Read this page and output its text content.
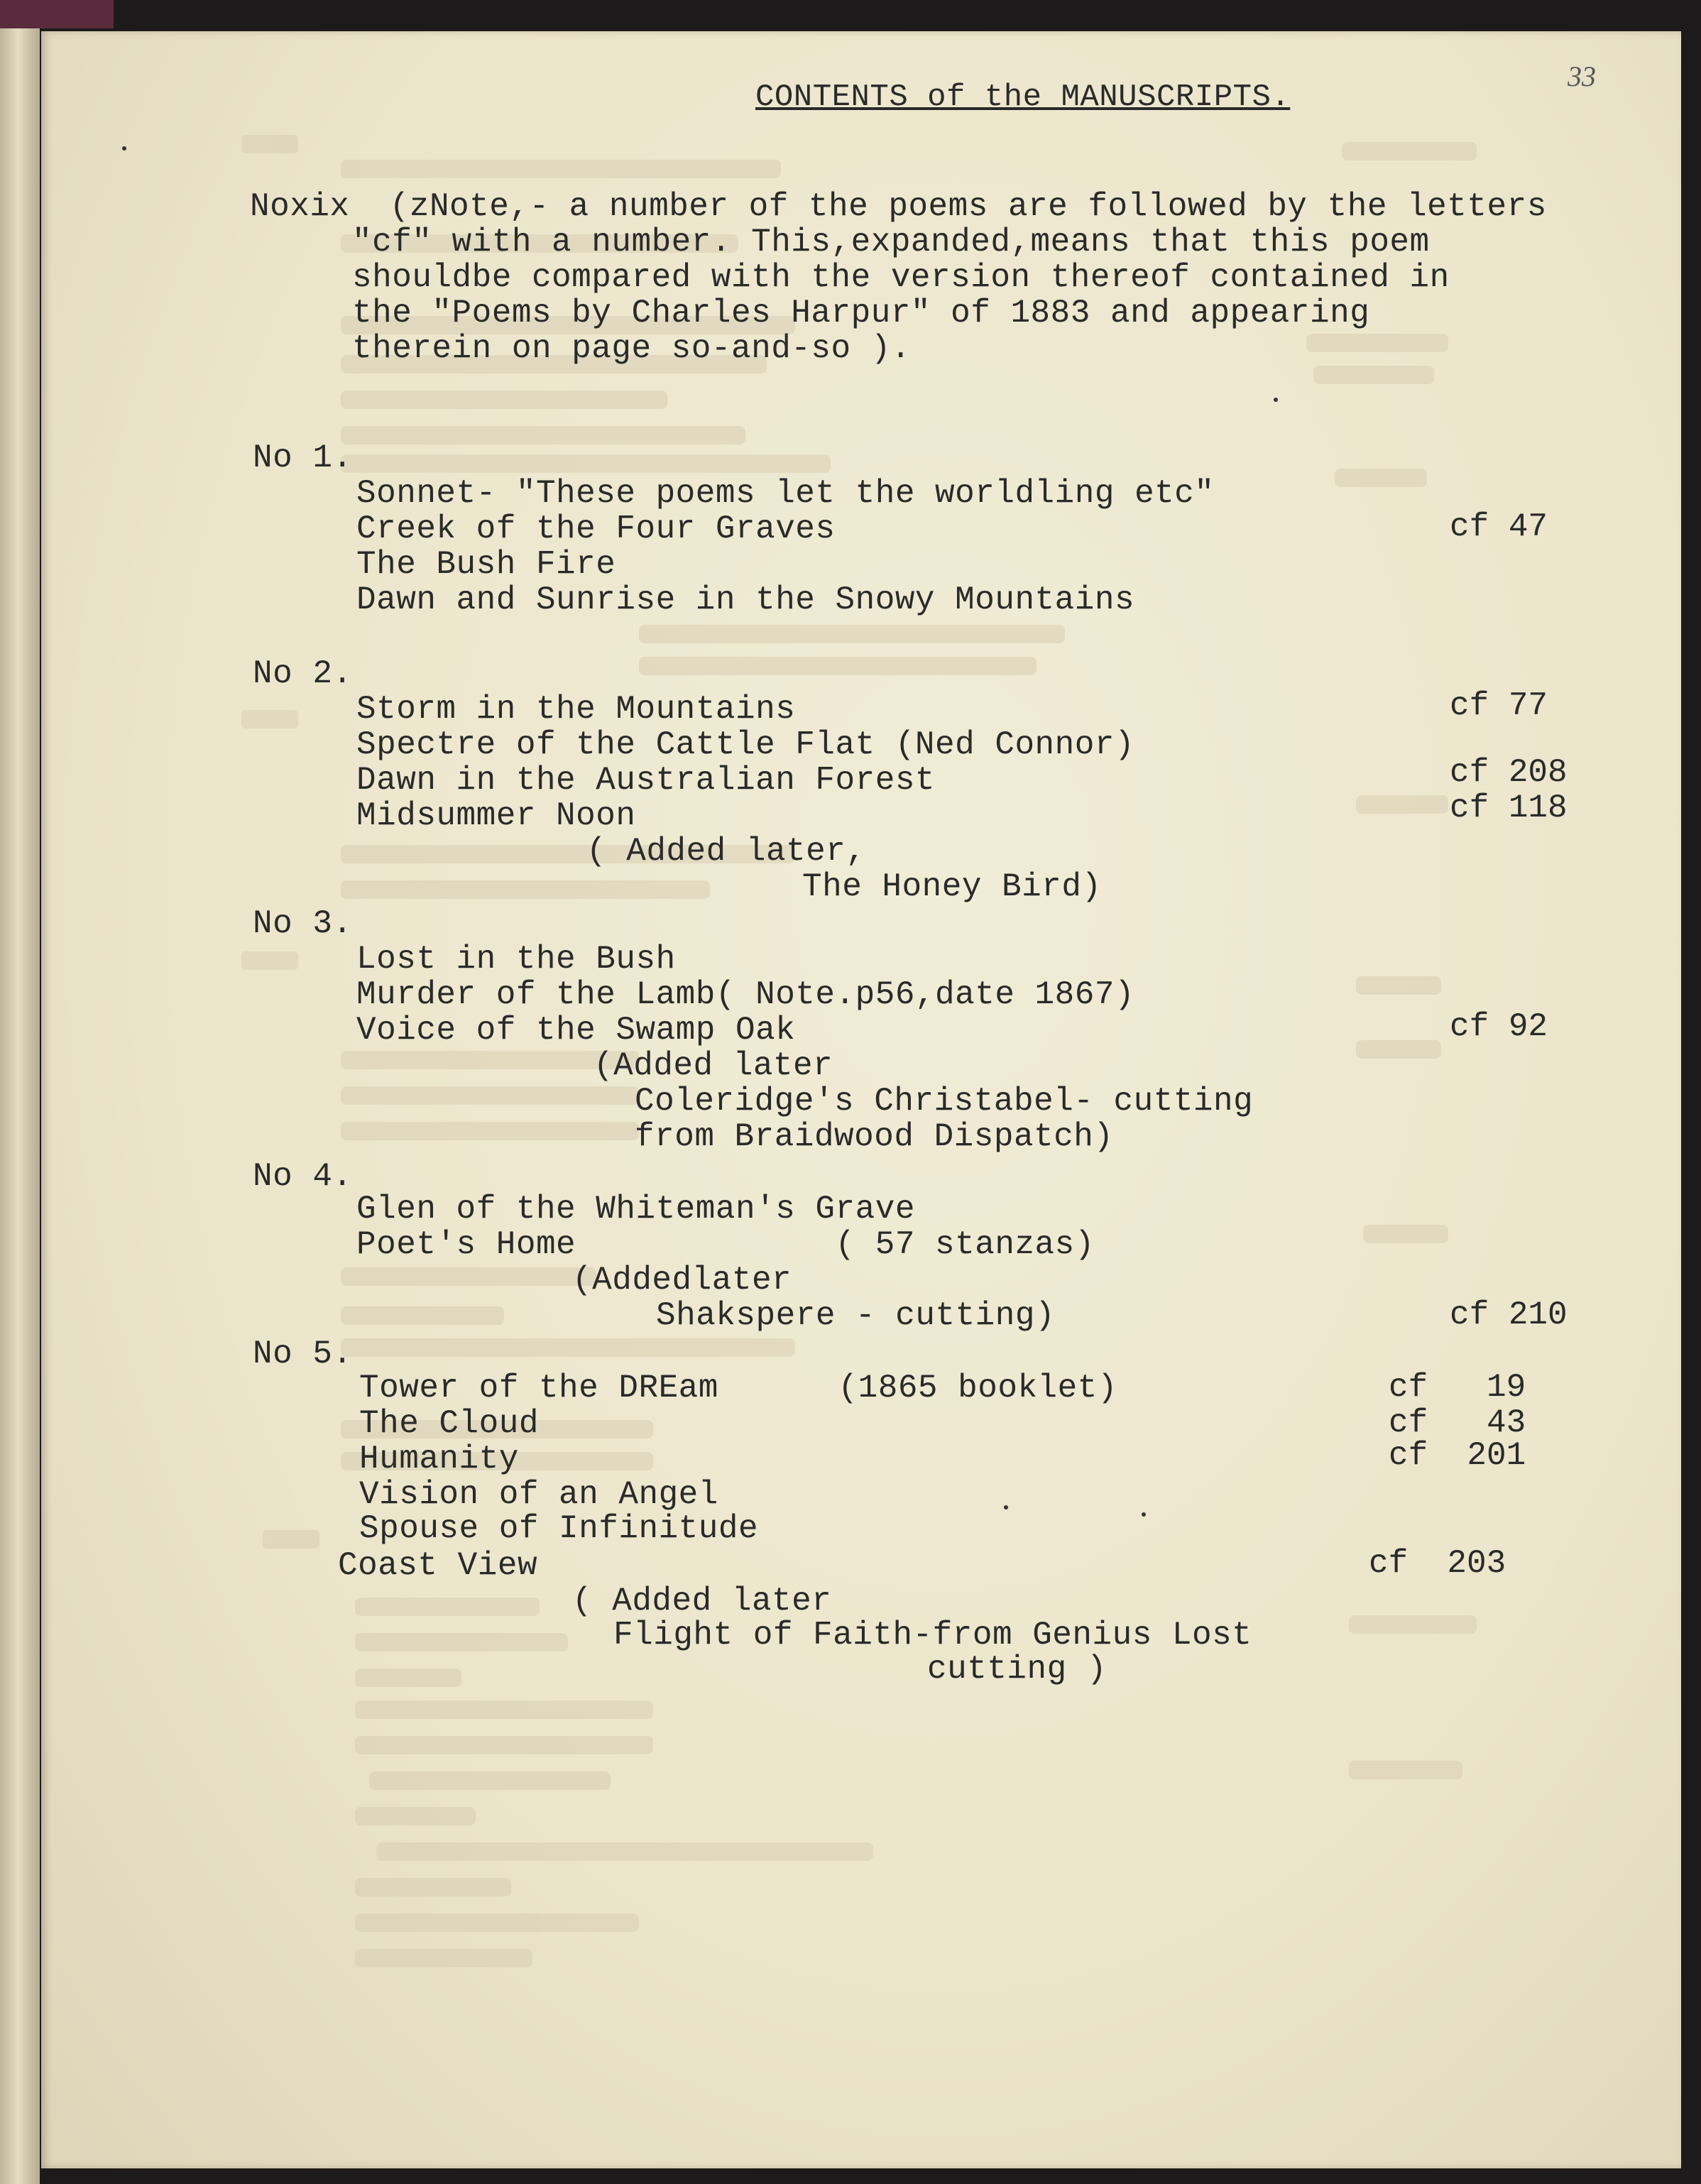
33
CONTENTS of the MANUSCRIPTS.
Noxix  (zNote,- a number of the poems are followed by the letters
"cf" with a number. This,expanded,means that this poem
shouldbe compared with the version thereof contained in
the "Poems by Charles Harpur" of 1883 and appearing
therein on page so-and-so ).
No 1.
Sonnet- "These poems let the worldling etc"
Creek of the Four Graves	cf 47
The Bush Fire
Dawn and Sunrise in the Snowy Mountains
No 2.
Storm in the Mountains	cf 77
Spectre of the Cattle Flat (Ned Connor)
Dawn in the Australian Forest	cf 208
Midsummer Noon	cf 118
( Added later,
The Honey Bird)
No 3.
Lost in the Bush
Murder of the Lamb( Note.p56,date 1867)
Voice of the Swamp Oak	cf 92
(Added later
Coleridge's Christabel- cutting
from Braidwood Dispatch)
No 4.
Glen of the Whiteman's Grave
Poet's Home             ( 57 stanzas)
(Addedlater
Shakspere - cutting)	cf 210
No 5.
Tower of the DREam      (1865 booklet)	cf   19
The Cloud	cf   43
Humanity	cf  201
Vision of an Angel
Spouse of Infinitude
Coast View	cf  203
( Added later
Flight of Faith-from Genius Lost
cutting )
